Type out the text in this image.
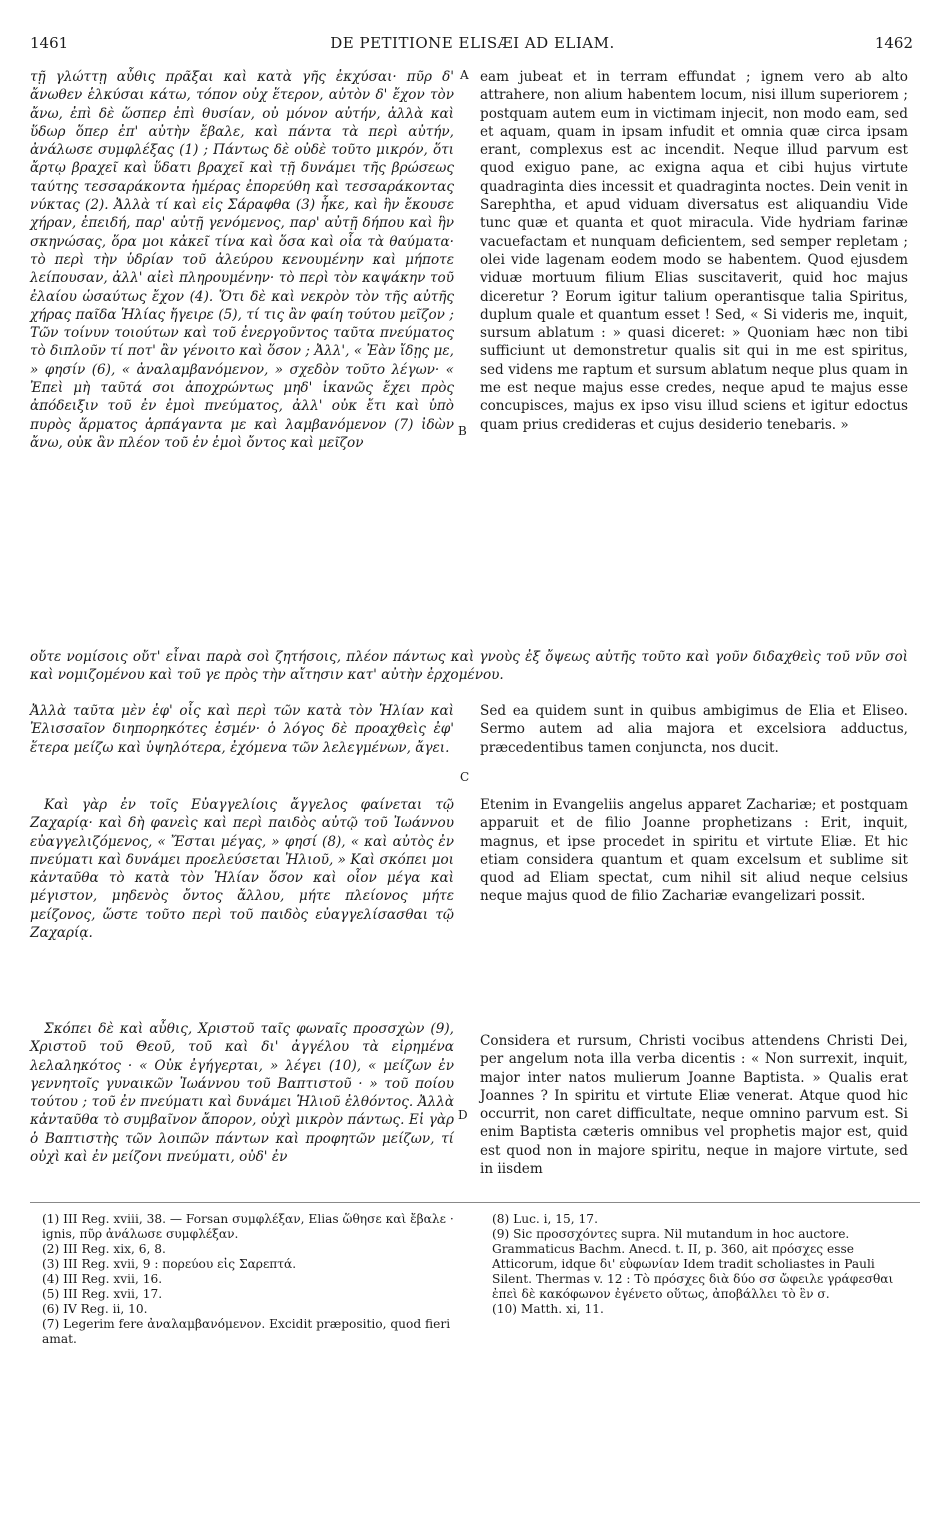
1461	DE PETITIONE ELISÆI AD ELIAM.	1462
A
B
C
D

τῇ γλώττῃ αὖθις πρᾶξαι καὶ κατὰ γῆς ἐκχύσαι· πῦρ δ' ἄνωθεν ἑλκύσαι κάτω, τόπον οὐχ ἕτερον, αὐτὸν δ' ἔχον τὸν ἄνω, ἐπὶ δὲ ὥσπερ ἐπὶ θυσίαν, οὐ μόνον αὐτήν, ἀλλὰ καὶ ὕδωρ ὅπερ ἐπ' αὐτὴν ἔβαλε, καὶ πάντα τὰ περὶ αὐτήν, ἀνάλωσε συμφλέξας (1) ; Πάντως δὲ οὐδὲ τοῦτο μικρόν, ὅτι ἄρτῳ βραχεῖ καὶ ὕδατι βραχεῖ καὶ τῇ δυνάμει τῆς βρώσεως ταύτης τεσσαράκοντα ἡμέρας ἐπορεύθη καὶ τεσσαράκοντας νύκτας (2). Ἀλλὰ τί καὶ εἰς Σάραφθα (3) ἧκε, καὶ ἣν ἔκουσε χήραν, ἐπειδή, παρ' αὐτῇ γενόμενος, παρ' αὐτῇ δήπου καὶ ἣν σκηνώσας, ὅρα μοι κἀκεῖ τίνα καὶ ὅσα καὶ οἷα τὰ θαύματα· τὸ περὶ τὴν ὑδρίαν τοῦ ἀλεύρου κενουμένην καὶ μήποτε λείπουσαν, ἀλλ' αἰεὶ πληρουμένην· τὸ περὶ τὸν καψάκην τοῦ ἐλαίου ὡσαύτως ἔχον (4). Ὅτι δὲ καὶ νεκρὸν τὸν τῆς αὐτῆς χήρας παῖδα Ἡλίας ἤγειρε (5), τί τις ἂν φαίη τούτου μεῖζον ; Τῶν τοίνυν τοιούτων καὶ τοῦ ἐνεργοῦντος ταῦτα πνεύματος τὸ διπλοῦν τί ποτ' ἂν γένοιτο καὶ ὅσον ; Ἀλλ', « Ἐὰν ἴδῃς με, » φησίν (6), « ἀναλαμβανόμενον, » σχεδὸν τοῦτο λέγων· « Ἐπεὶ μὴ ταῦτά σοι ἀποχρώντως μηδ' ἱκανῶς ἔχει πρὸς ἀπόδειξιν τοῦ ἐν ἐμοὶ πνεύματος, ἀλλ' οὐκ ἔτι καὶ ὑπὸ πυρὸς ἅρματος ἁρπάγαντα με καὶ λαμβανόμενον (7) ἰδὼν ἄνω, οὐκ ἂν πλέον τοῦ ἐν ἐμοὶ ὄντος καὶ μεῖζον

eam jubeat et in terram effundat ; ignem vero ab alto attrahere, non alium habentem locum, nisi illum superiorem ; postquam autem eum in victimam injecit, non modo eam, sed et aquam, quam in ipsam infudit et omnia quæ circa ipsam erant, complexus est ac incendit. Neque illud parvum est quod exiguo pane, ac exigna aqua et cibi hujus virtute quadraginta dies incessit et quadraginta noctes. Dein venit in Sarephtha, et apud viduam diversatus est aliquandiu Vide tunc quæ et quanta et quot miracula. Vide hydriam farinæ vacuefactam et nunquam deficientem, sed semper repletam ; olei vide lagenam eodem modo se habentem. Quod ejusdem viduæ mortuum filium Elias suscitaverit, quid hoc majus diceretur ? Eorum igitur talium operantisque talia Spiritus, duplum quale et quantum esset ! Sed, « Si videris me, inquit, sursum ablatum : » quasi diceret: » Quoniam hæc non tibi sufficiunt ut demonstretur qualis sit qui in me est spiritus, sed videns me raptum et sursum ablatum neque plus quam in me est neque majus esse credes, neque apud te majus esse concupisces, majus ex ipso visu illud sciens et igitur edoctus quam prius credideras et cujus desiderio tenebaris. »

οὔτε νομίσοις οὔτ' εἶναι παρὰ σοὶ ζητήσοις, πλέον πάντως καὶ γνοὺς ἐξ ὄψεως αὐτῆς τοῦτο καὶ γοῦν διδαχθεὶς τοῦ νῦν σοὶ καὶ νομιζομένου καὶ τοῦ γε πρὸς τὴν αἴτησιν κατ' αὐτὴν ἐρχομένου.

Ἀλλὰ ταῦτα μὲν ἐφ' οἷς καὶ περὶ τῶν κατὰ τὸν Ἡλίαν καὶ Ἐλισσαῖον διηπορηκότες ἐσμέν· ὁ λόγος δὲ προαχθεὶς ἐφ' ἕτερα μείζω καὶ ὑψηλότερα, ἐχόμενα τῶν λελεγμένων, ἄγει.

Sed ea quidem sunt in quibus ambigimus de Elia et Eliseo. Sermo autem ad alia majora et excelsiora adductus, præcedentibus tamen conjuncta, nos ducit.

Καὶ γὰρ ἐν τοῖς Εὐαγγελίοις ἄγγελος φαίνεται τῷ Ζαχαρίᾳ· καὶ δὴ φανεὶς καὶ περὶ παιδὸς αὐτῷ τοῦ Ἰωάννου εὐαγγελιζόμενος, « Ἔσται μέγας, » φησί (8), « καὶ αὐτὸς ἐν πνεύματι καὶ δυνάμει προελεύσεται Ἠλιοῦ, » Καὶ σκόπει μοι κἀνταῦθα τὸ κατὰ τὸν Ἡλίαν ὅσον καὶ οἷον μέγα καὶ μέγιστον, μηδενὸς ὄντος ἄλλου, μήτε πλείονος μήτε μείζονος, ὥστε τοῦτο περὶ τοῦ παιδὸς εὐαγγελίσασθαι τῷ Ζαχαρίᾳ.

Etenim in Evangeliis angelus apparet Zachariæ; et postquam apparuit et de filio Joanne prophetizans : Erit, inquit, magnus, et ipse procedet in spiritu et virtute Eliæ. Et hic etiam considera quantum et quam excelsum et sublime sit quod ad Eliam spectat, cum nihil sit aliud neque celsius neque majus quod de filio Zachariæ evangelizari possit.

Σκόπει δὲ καὶ αὖθις, Χριστοῦ ταῖς φωναῖς προσσχὼν (9), Χριστοῦ τοῦ Θεοῦ, τοῦ καὶ δι' ἀγγέλου τὰ εἰρημένα λελαληκότος · « Οὐκ ἐγήγερται, » λέγει (10), « μείζων ἐν γεννητοῖς γυναικῶν Ἰωάννου τοῦ Βαπτιστοῦ · » τοῦ ποίου τούτου ; τοῦ ἐν πνεύματι καὶ δυνάμει Ἡλιοῦ ἐλθόντος. Ἀλλὰ κἀνταῦθα τὸ συμβαῖνον ἄπορον, οὐχὶ μικρὸν πάντως. Εἰ γὰρ ὁ Βαπτιστὴς τῶν λοιπῶν πάντων καὶ προφητῶν μείζων, τί οὐχὶ καὶ ἐν μείζονι πνεύματι, οὐδ' ἐν

Considera et rursum, Christi vocibus attendens Christi Dei, per angelum nota illa verba dicentis : « Non surrexit, inquit, major inter natos mulierum Joanne Baptista. » Qualis erat Joannes ? In spiritu et virtute Eliæ venerat. Atque quod hic occurrit, non caret difficultate, neque omnino parvum est. Si enim Baptista cæteris omnibus vel prophetis major est, quid est quod non in majore spiritu, neque in majore virtute, sed in iisdem

(1) III Reg. xviii, 38. — Forsan συμφλέξαν, Elias ὥθησε καὶ ἔβαλε · ignis, πῦρ ἀνάλωσε συμφλέξαν.
(2) III Reg. xix, 6, 8.
(3) III Reg. xvii, 9 : πορεύου εἰς Σαρεπτά.
(4) III Reg. xvii, 16.
(5) III Reg. xvii, 17.
(6) IV Reg. ii, 10.
(7) Legerim fere ἀναλαμβανόμενον. Excidit præpositio, quod fieri amat.
(8) Luc. i, 15, 17.
(9) Sic προσσχόντες supra. Nil mutandum in hoc auctore. Grammaticus Bachm. Anecd. t. II, p. 360, ait πρόσχες esse Atticorum, idque δι' εὐφωνίαν Idem tradit scholiastes in Pauli Silent. Thermas v. 12 : Τὸ πρόσχες διὰ δύο σσ ὤφειλε γράφεσθαι ἐπεὶ δὲ κακόφωνον ἐγένετο οὕτως, ἀποβάλλει τὸ ἓν σ.
(10) Matth. xi, 11.
